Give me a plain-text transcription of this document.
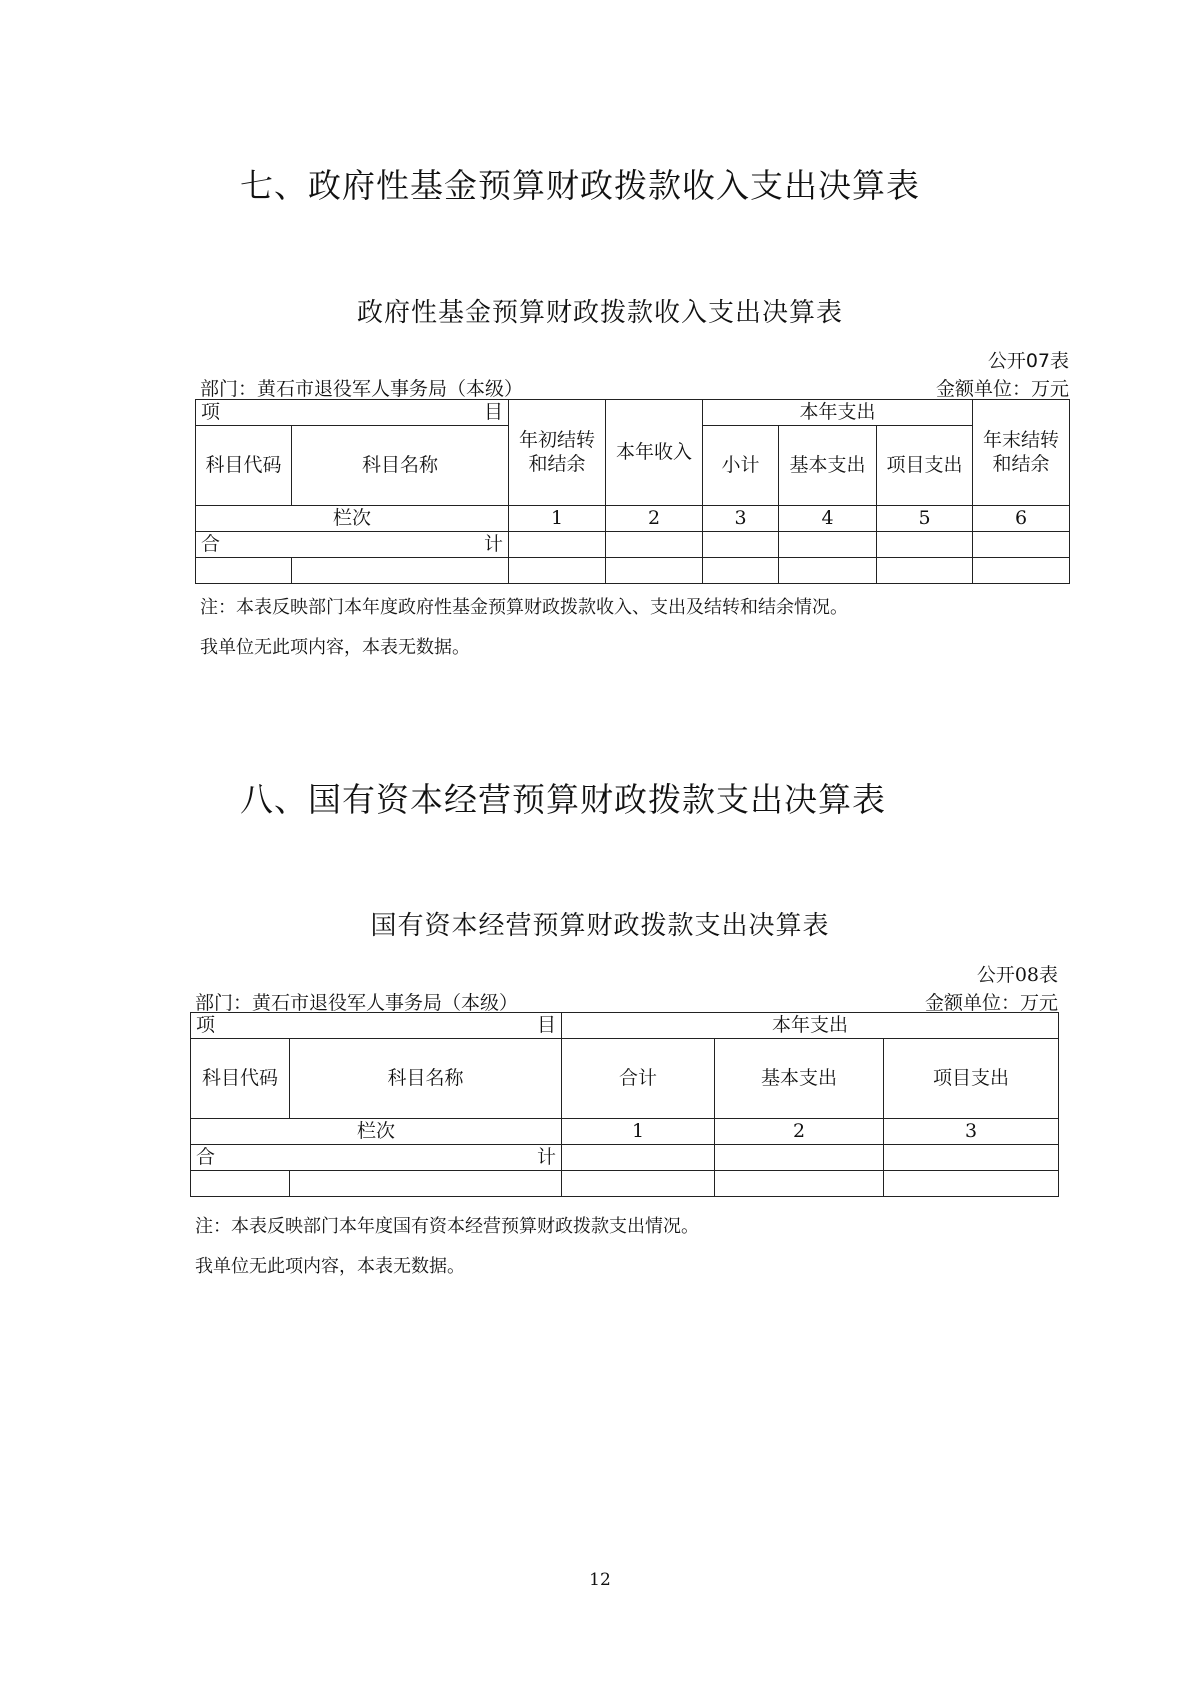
七、政府性基金预算财政拨款收入支出决算表
政府性基金预算财政拨款收入支出决算表
公开07表
部门：黄石市退役军人事务局（本级）	金额单位：万元
项 目		年初结转和结余	本年收入	本年支出			年末结转和结余
科目代码	科目名称			小计	基本支出	项目支出	
栏次		1	2	3	4	5	6

合 计							

注：本表反映部门本年度政府性基金预算财政拨款收入、支出及结转和结余情况。
我单位无此项内容，本表无数据。
八、国有资本经营预算财政拨款支出决算表
国有资本经营预算财政拨款支出决算表
公开08表
部门：黄石市退役军人事务局（本级）	金额单位：万元
项 目		本年支出		
科目代码	科目名称	合计	基本支出	项目支出
栏次		1	2	3

合 计				

注：本表反映部门本年度国有资本经营预算财政拨款支出情况。
我单位无此项内容，本表无数据。
12
